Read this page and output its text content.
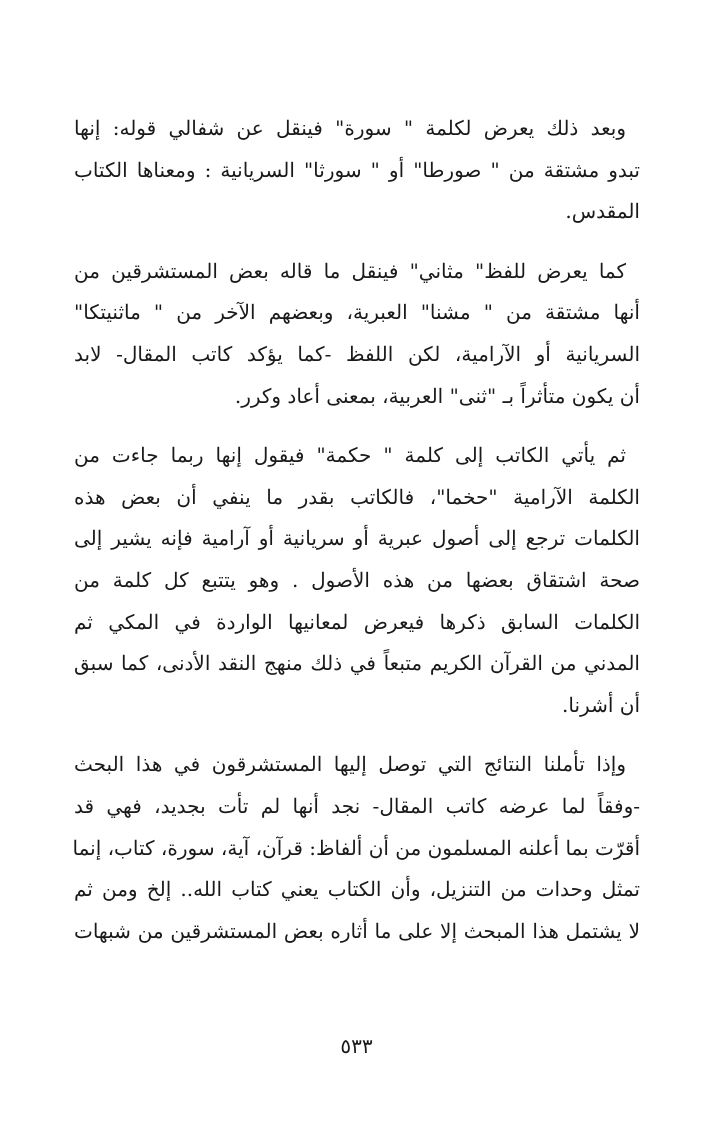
وبعد ذلك يعرض لكلمة " سورة" فينقل عن شفالي قوله: إنها
تبدو مشتقة من " صورطا" أو " سورثا" السريانية : ومعناها الكتاب
المقدس.
كما يعرض للفظ" مثاني" فينقل ما قاله بعض المستشرقين من
أنها مشتقة من " مشنا" العبرية، وبعضهم الآخر من " ماثنيتكا"
السريانية أو الآرامية، لكن اللفظ -كما يؤكد كاتب المقال- لابد
أن يكون متأثراً بـ "ثنى" العربية، بمعنى أعاد وكرر.
ثم يأتي الكاتب إلى كلمة " حكمة" فيقول إنها ربما جاءت من
الكلمة الآرامية "حخما"، فالكاتب بقدر ما ينفي أن بعض هذه
الكلمات ترجع إلى أصول عبرية أو سريانية أو آرامية فإنه يشير إلى
صحة اشتقاق بعضها من هذه الأصول . وهو يتتبع كل كلمة من
الكلمات السابق ذكرها فيعرض لمعانيها الواردة في المكي ثم
المدني من القرآن الكريم متبعاً في ذلك منهج النقد الأدنى، كما سبق
أن أشرنا.
وإذا تأملنا النتائج التي توصل إليها المستشرقون في هذا البحث
-وفقاً لما عرضه كاتب المقال- نجد أنها لم تأت بجديد، فهي قد
أقرّت بما أعلنه المسلمون من أن ألفاظ: قرآن، آية، سورة، كتاب، إنما
تمثل وحدات من التنزيل، وأن الكتاب يعني كتاب الله.. إلخ ومن ثم
لا يشتمل هذا المبحث إلا على ما أثاره بعض المستشرقين من شبهات
٥٣٣
